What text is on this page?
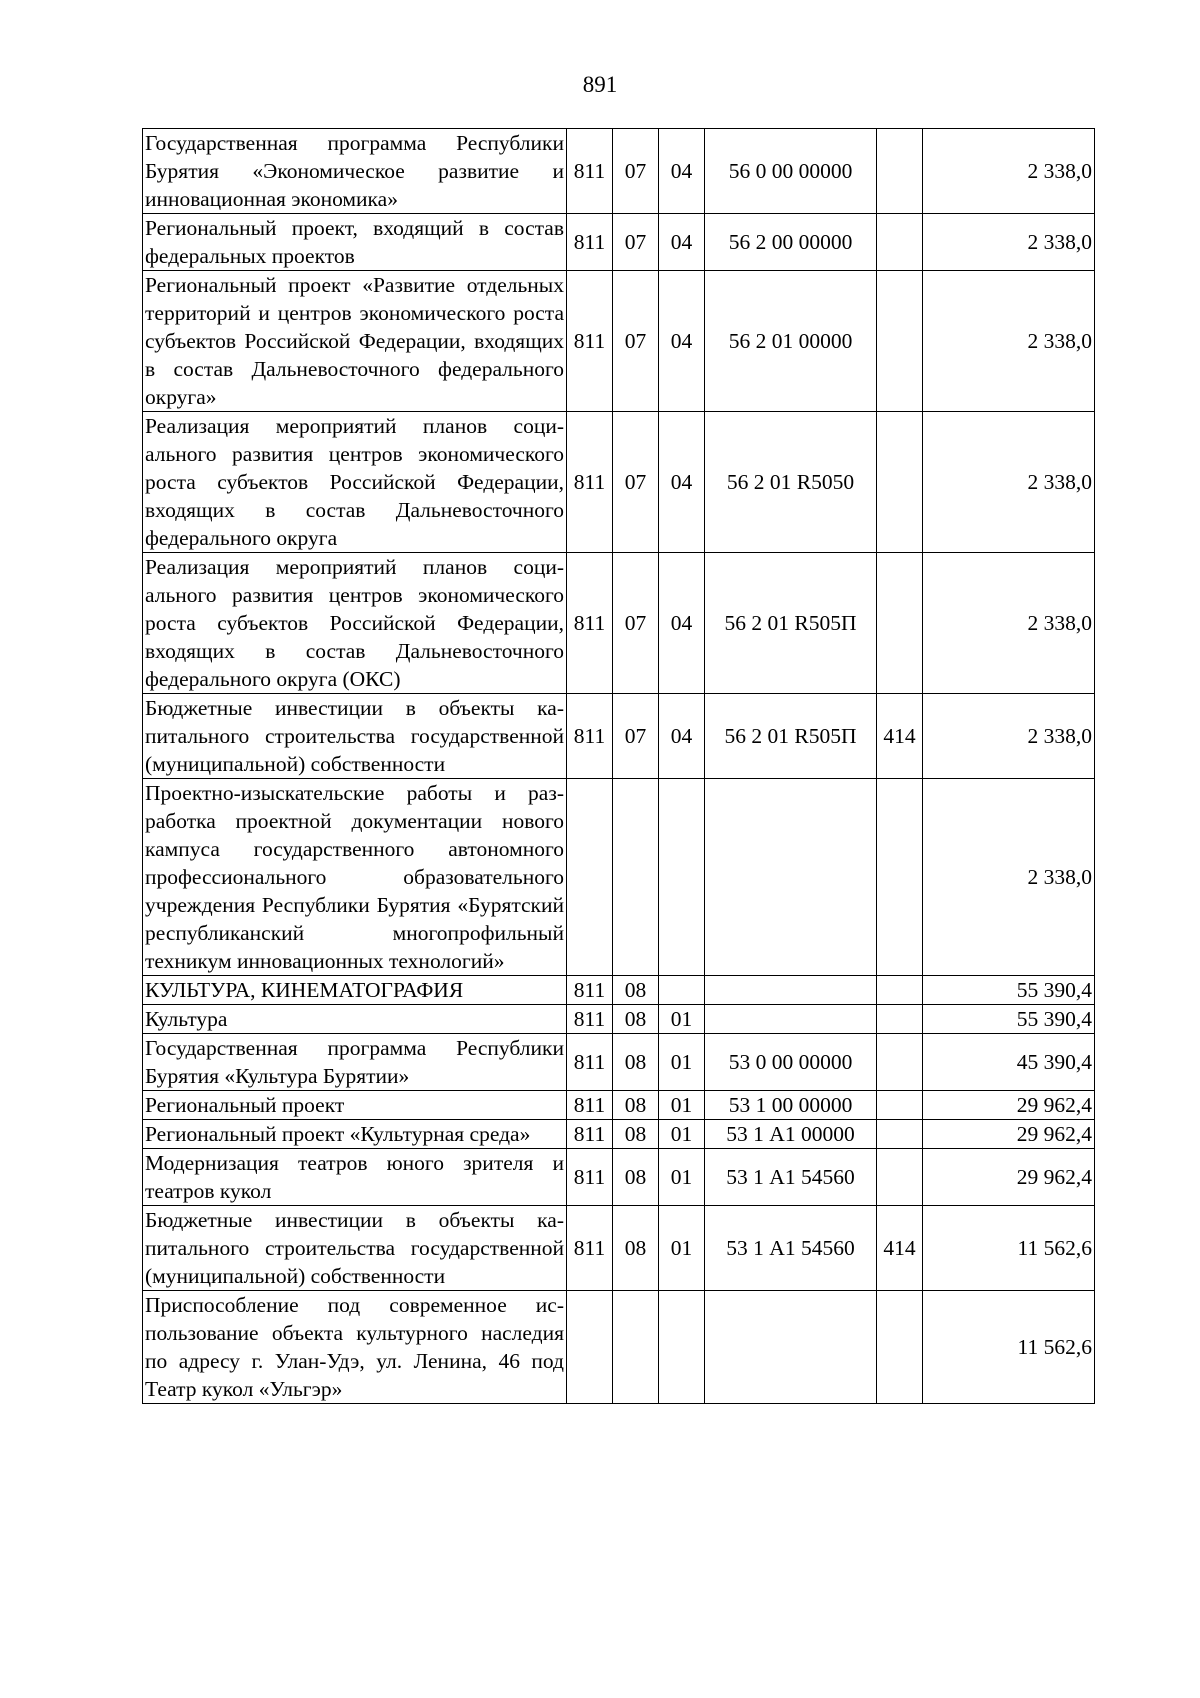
891
Государственная программа Республики Бурятия «Экономическое развитие и инновационная экономика»	811	07	04	56 0 00 00000		2 338,0
Региональный проект, входящий в состав федеральных проектов	811	07	04	56 2 00 00000		2 338,0
Региональный проект «Развитие отдельных территорий и центров экономического роста субъектов Российской Федерации, входящих в состав Дальневосточного федерального округа»	811	07	04	56 2 01 00000		2 338,0
Реализация мероприятий планов социального развития центров экономического роста субъектов Российской Федерации, входящих в состав Дальневосточного федерального округа	811	07	04	56 2 01 R5050		2 338,0
Реализация мероприятий планов социального развития центров экономического роста субъектов Российской Федерации, входящих в состав Дальневосточного федерального округа (ОКС)	811	07	04	56 2 01 R505П		2 338,0
Бюджетные инвестиции в объекты капитального строительства государственной (муниципальной) собственности	811	07	04	56 2 01 R505П	414	2 338,0
Проектно-изыскательские работы и разработка проектной документации нового кампуса государственного автономного профессионального образовательного учреждения Республики Бурятия «Бурятский республиканский многопрофильный техникум инновационных технологий»						2 338,0
КУЛЬТУРА, КИНЕМАТОГРАФИЯ	811	08				55 390,4
Культура	811	08	01			55 390,4
Государственная программа Республики Бурятия «Культура Бурятии»	811	08	01	53 0 00 00000		45 390,4
Региональный проект	811	08	01	53 1 00 00000		29 962,4
Региональный проект «Культурная среда»	811	08	01	53 1 А1 00000		29 962,4
Модернизация театров юного зрителя и театров кукол	811	08	01	53 1 А1 54560		29 962,4
Бюджетные инвестиции в объекты капитального строительства государственной (муниципальной) собственности	811	08	01	53 1 А1 54560	414	11 562,6
Приспособление под современное использование объекта культурного наследия по адресу г. Улан-Удэ, ул. Ленина, 46 под Театр кукол «Ульгэр»						11 562,6
